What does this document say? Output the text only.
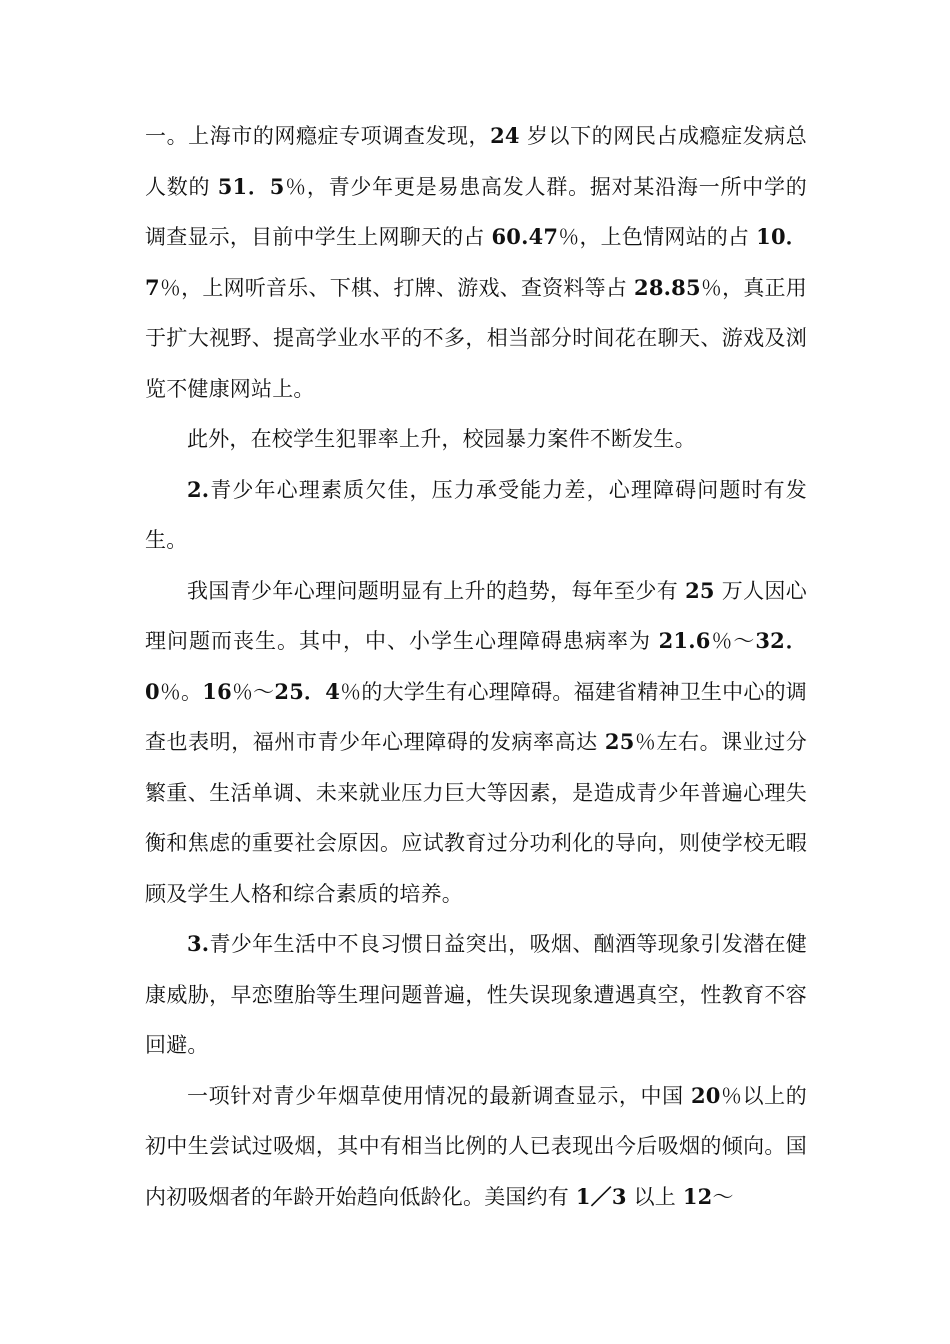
一。上海市的网瘾症专项调查发现，24 岁以下的网民占成瘾症发病总人数的 51．5％，青少年更是易患高发人群。据对某沿海一所中学的调查显示，目前中学生上网聊天的占 60.47％，上色情网站的占 10．7％，上网听音乐、下棋、打牌、游戏、查资料等占 28.85％，真正用于扩大视野、提高学业水平的不多，相当部分时间花在聊天、游戏及浏览不健康网站上。

此外，在校学生犯罪率上升，校园暴力案件不断发生。

2.青少年心理素质欠佳，压力承受能力差，心理障碍问题时有发生。

我国青少年心理问题明显有上升的趋势，每年至少有 25 万人因心理问题而丧生。其中，中、小学生心理障碍患病率为 21.6％～32．0％。16％～25．4％的大学生有心理障碍。福建省精神卫生中心的调查也表明，福州市青少年心理障碍的发病率高达 25％左右。课业过分繁重、生活单调、未来就业压力巨大等因素，是造成青少年普遍心理失衡和焦虑的重要社会原因。应试教育过分功利化的导向，则使学校无暇顾及学生人格和综合素质的培养。

3.青少年生活中不良习惯日益突出，吸烟、酗酒等现象引发潜在健康威胁，早恋堕胎等生理问题普遍，性失误现象遭遇真空，性教育不容回避。

一项针对青少年烟草使用情况的最新调查显示，中国 20％以上的初中生尝试过吸烟，其中有相当比例的人已表现出今后吸烟的倾向。国内初吸烟者的年龄开始趋向低龄化。美国约有 1／3 以上 12～
